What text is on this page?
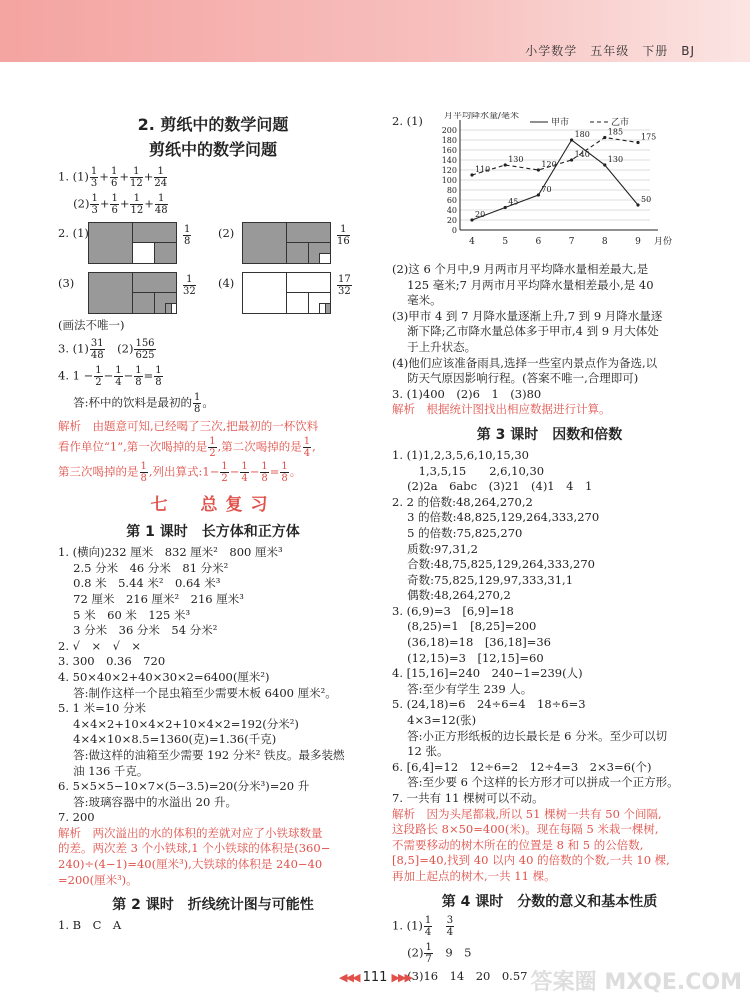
小学数学　五年级　下册　BJ
2. 剪纸中的数学问题
剪纸中的数学问题
1. $(1) \frac{1}{3} + \frac{1}{6} + \frac{1}{12} + \frac{1}{24}$
　 $(2) \frac{1}{3} + \frac{1}{6} + \frac{1}{12} + \frac{1}{48}$
2. (1)	$\frac{1}{8} (2)$	$\frac{1}{16}$
(3)	$\frac{1}{32} (4)$	$\frac{17}{32}$
(画法不唯一)
3. $(1) \frac{31}{48}$
　 $(2) \frac{156}{625}$
4. $1 - \frac{1}{2} - \frac{1}{4} - \frac{1}{8} = \frac{1}{8}$
　 答:杯中的饮料是最初的 $\frac{1}{8}$ 。
解析　由题意可知,已经喝了三次,把最初的一杯饮料
看作单位“1”,第一次喝掉的是 $\frac{1}{2}$ ,第二次喝掉的是 $\frac{1}{4}$ ,
第三次喝掉的是 $\frac{1}{8}$ ,列出算式:1− $\frac{1}{2} - \frac{1}{4} - \frac{1}{8} = \frac{1}{8}$ 。
七　总复习
第 1 课时　长方体和正方体
1. (横向)232 厘米　832 厘米²　800 厘米³
　 2.5 分米　46 分米　81 分米²
　 0.8 米　5.44 米²　0.64 米³
　 72 厘米　216 厘米²　216 厘米³
　 5 米　60 米　125 米³
　 3 分米　36 分米　54 分米²
2. √　×　√　×
3. 300　0.36　720
4. 50×40×2+40×30×2=6400(厘米²)
　 答:制作这样一个昆虫箱至少需要木板 6400 厘米²。
5. 1 米=10 分米
　 4×4×2+10×4×2+10×4×2=192(分米²)
　 4×4×10×8.5=1360(克)=1.36(千克)
　 答:做这样的油箱至少需要 192 分米² 铁皮。最多装燃
　 油 136 千克。
6. 5×5×5−10×7×(5−3.5)=20(分米³)=20 升
　 答:玻璃容器中的水溢出 20 升。
7. 200
解析　两次溢出的水的体积的差就对应了小铁球数量
的差。两次差 3 个小铁球,1 个小铁球的体积是(360−
240)÷(4−1)=40(厘米³),大铁球的体积是 240−40
=200(厘米³)。
第 2 课时　折线统计图与可能性
1. B　C　A
2. (1)
0
20
40
60
80
100
120
140
160
180
200
月平均降水量/毫米
月份
4	5	6	7	8	9
20
45
70
180
130
50
甲市
110
130
120
140
185
175
乙市
(2)这 6 个月中,9 月两市月平均降水量相差最大,是
　 125 毫米;7 月两市月平均降水量相差最小,是 40
　 毫米。
(3)甲市 4 到 7 月降水量逐渐上升,7 到 9 月降水量逐
　 渐下降;乙市降水量总体多于甲市,4 到 9 月大体处
　 于上升状态。
(4)他们应该准备雨具,选择一些室内景点作为备选,以
　 防天气原因影响行程。(答案不唯一,合理即可)
3. (1)400　(2)6　1　(3)80
解析　根据统计图找出相应数据进行计算。
第 3 课时　因数和倍数
1. (1)1,2,3,5,6,10,15,30
　 　1,3,5,15　　2,6,10,30
　 (2)2a　6abc　(3)21　(4)1　4　1
2. 2 的倍数:48,264,270,2
　 3 的倍数:48,825,129,264,333,270
　 5 的倍数:75,825,270
　 质数:97,31,2
　 合数:48,75,825,129,264,333,270
　 奇数:75,825,129,97,333,31,1
　 偶数:48,264,270,2
3. (6,9)=3　[6,9]=18
　 (8,25)=1　[8,25]=200
　 (36,18)=18　[36,18]=36
　 (12,15)=3　[12,15]=60
4. [15,16]=240　240−1=239(人)
　 答:至少有学生 239 人。
5. (24,18)=6　24÷6=4　18÷6=3
　 4×3=12(张)
　 答:小正方形纸板的边长最长是 6 分米。至少可以切
　 12 张。
6. [6,4]=12　12÷6=2　12÷4=3　2×3=6(个)
　 答:至少要 6 个这样的长方形才可以拼成一个正方形。
7. 一共有 11 棵树可以不动。
解析　因为头尾都栽,所以 51 棵树一共有 50 个间隔,
这段路长 8×50=400(米)。现在每隔 5 米栽一棵树,
不需要移动的树木所在的位置是 8 和 5 的公倍数,
[8,5]=40,找到 40 以内 40 的倍数的个数,一共 10 棵,
再加上起点的树木,一共 11 棵。
第 4 课时　分数的意义和基本性质
1. $(1) \frac{1}{4}$
　 $\frac{3}{4}$
　 $(2) \frac{1}{7}$
　 9　5
　 (3)16　14　20　0.57
◀◀◀ 111 ▶▶▶	答案圈 MXQE.COM
